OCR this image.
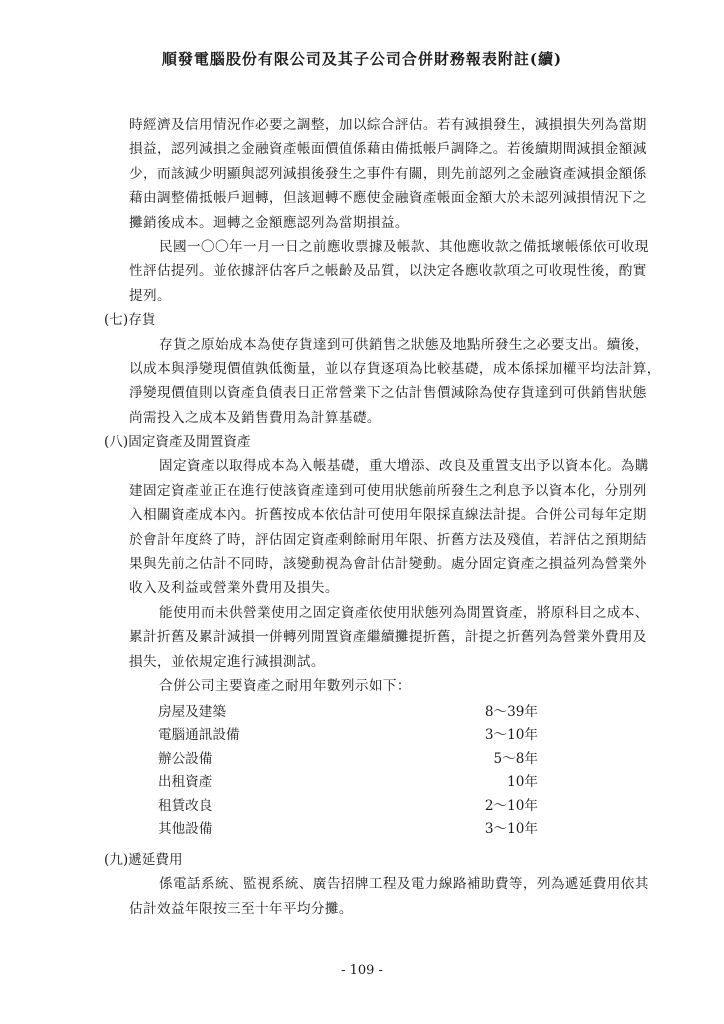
順發電腦股份有限公司及其子公司合併財務報表附註(續)
時經濟及信用情況作必要之調整，加以綜合評估。若有減損發生，減損損失列為當期
損益，認列減損之金融資產帳面價值係藉由備抵帳戶調降之。若後續期間減損金額減
少，而該減少明顯與認列減損後發生之事件有關，則先前認列之金融資產減損金額係
藉由調整備抵帳戶迴轉，但該迴轉不應使金融資產帳面金額大於未認列減損情況下之
攤銷後成本。迴轉之金額應認列為當期損益。
民國一〇〇年一月一日之前應收票據及帳款、其他應收款之備抵壞帳係依可收現
性評估提列。並依據評估客戶之帳齡及品質，以決定各應收款項之可收現性後，酌實
提列。
(七)存貨
存貨之原始成本為使存貨達到可供銷售之狀態及地點所發生之必要支出。續後，
以成本與淨變現價值孰低衡量，並以存貨逐項為比較基礎，成本係採加權平均法計算，
淨變現價值則以資產負債表日正常營業下之估計售價減除為使存貨達到可供銷售狀態
尚需投入之成本及銷售費用為計算基礎。
(八)固定資產及閒置資產
固定資產以取得成本為入帳基礎，重大增添、改良及重置支出予以資本化。為購
建固定資產並正在進行使該資產達到可使用狀態前所發生之利息予以資本化，分別列
入相關資產成本內。折舊按成本依估計可使用年限採直線法計提。合併公司每年定期
於會計年度終了時，評估固定資產剩餘耐用年限、折舊方法及殘值，若評估之預期結
果與先前之估計不同時，該變動視為會計估計變動。處分固定資產之損益列為營業外
收入及利益或營業外費用及損失。
能使用而未供營業使用之固定資產依使用狀態列為閒置資產，將原科目之成本、
累計折舊及累計減損一併轉列閒置資產繼續攤提折舊，計提之折舊列為營業外費用及
損失，並依規定進行減損測試。
合併公司主要資產之耐用年數列示如下：
房屋及建築	8～39年
電腦通訊設備	3～10年
辦公設備	5～8年
出租資產	10年
租賃改良	2～10年
其他設備	3～10年
(九)遞延費用
係電話系統、監視系統、廣告招牌工程及電力線路補助費等，列為遞延費用依其
估計效益年限按三至十年平均分攤。
- 109 -
